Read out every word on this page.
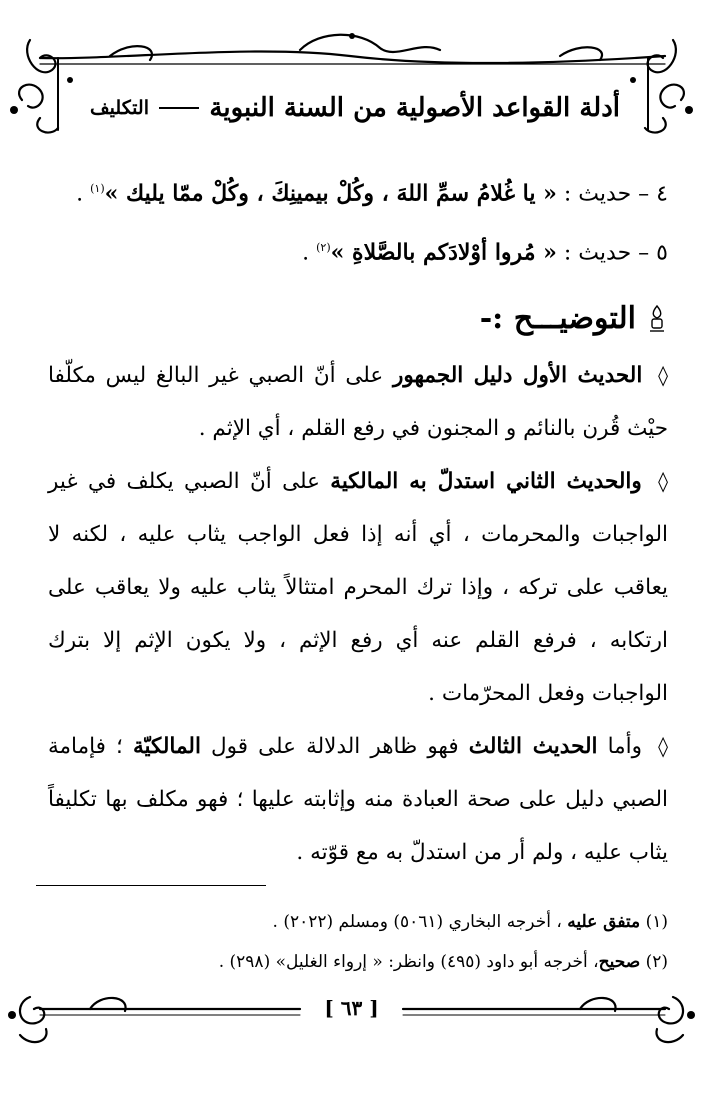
أدلة القواعد الأصولية من السنة النبوية
التكليف

٤ – حديث : « يا غُلامُ سمِّ اللهَ ، وكُلْ بيمينِكَ ، وكُلْ ممّا يليك »$^{(١)}$ .

٥ – حديث : « مُروا أوْلادَكم بالصَّلاةِ »$^{(٢)}$ .

التوضيـــح :-

◊ الحديث الأول دليل الجمهور على أنّ الصبي غير البالغ ليس مكلّفا حيْث قُرن بالنائم و المجنون في رفع القلم ، أي الإثم .

◊ والحديث الثاني استدلّ به المالكية على أنّ الصبي يكلف في غير الواجبات والمحرمات ، أي أنه إذا فعل الواجب يثاب عليه ، لكنه لا يعاقب على تركه ، وإذا ترك المحرم امتثالاً يثاب عليه ولا يعاقب على ارتكابه ، فرفع القلم عنه أي رفع الإثم ، ولا يكون الإثم إلا بترك الواجبات وفعل المحرّمات .

◊ وأما الحديث الثالث فهو ظاهر الدلالة على قول المالكيّة ؛ فإمامة الصبي دليل على صحة العبادة منه وإثابته عليها ؛ فهو مكلف بها تكليفاً يثاب عليه ، ولم أر من استدلّ به مع قوّته .

(١) متفق عليه ، أخرجه البخاري (٥٠٦١) ومسلم (٢٠٢٢) .

(٢) صحيح، أخرجه أبو داود (٤٩٥) وانظر: « إرواء الغليل» (٢٩٨) .

[ ٦٣ ]
